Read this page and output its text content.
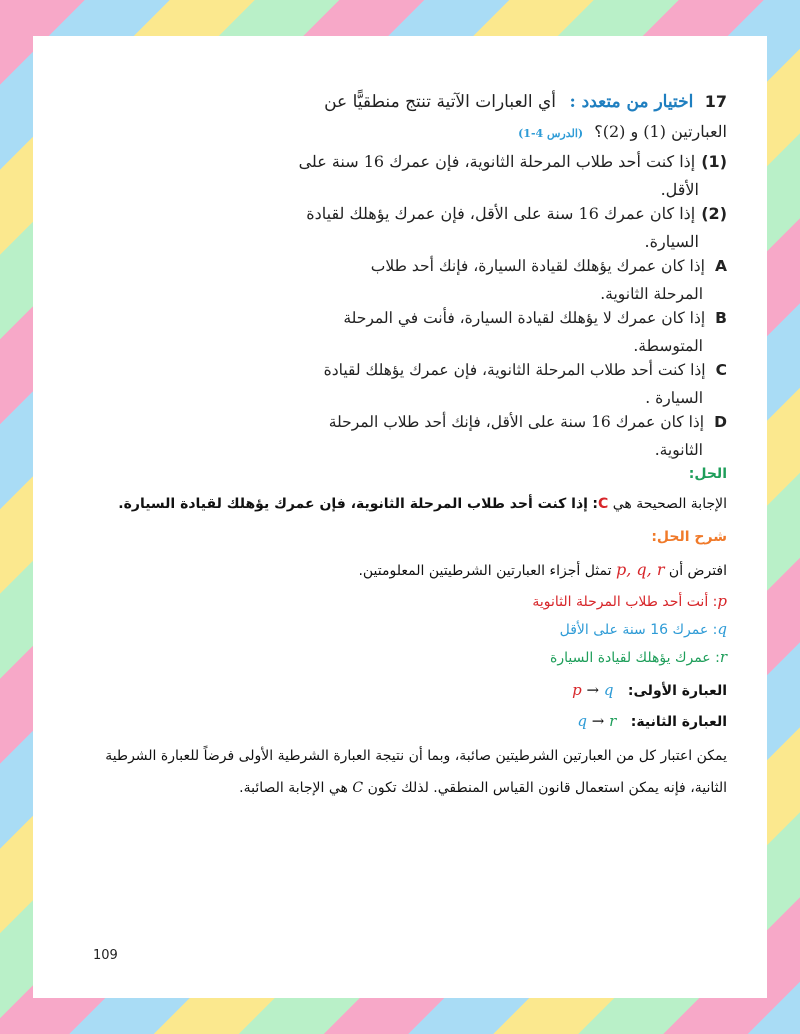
17 اختيار من متعدد : أي العبارات الآتية تنتج منطقيًّا عن
العبارتين (1) و (2)؟ (الدرس 4-1)
(1)إذا كنت أحد طلاب المرحلة الثانوية، فإن عمرك 16 سنة على
الأقل.
(2)إذا كان عمرك 16 سنة على الأقل، فإن عمرك يؤهلك لقيادة
السيارة.
Aإذا كان عمرك يؤهلك لقيادة السيارة، فإنك أحد طلاب
المرحلة الثانوية.
Bإذا كان عمرك لا يؤهلك لقيادة السيارة، فأنت في المرحلة
المتوسطة.
Cإذا كنت أحد طلاب المرحلة الثانوية، فإن عمرك يؤهلك لقيادة
السيارة .
Dإذا كان عمرك 16 سنة على الأقل، فإنك أحد طلاب المرحلة
الثانوية.
الحل:
الإجابة الصحيحة هي C: إذا كنت أحد طلاب المرحلة الثانوية، فإن عمرك يؤهلك لقيادة السيارة.
شرح الحل:
افترض أن p, q, r تمثل أجزاء العبارتين الشرطيتين المعلومتين.
p: أنت أحد طلاب المرحلة الثانوية
q: عمرك 16 سنة على الأقل
r: عمرك يؤهلك لقيادة السيارة
العبارة الأولى: p → q
العبارة الثانية: q → r
يمكن اعتبار كل من العبارتين الشرطيتين صائبة، وبما أن نتيجة العبارة الشرطية الأولى فرضاً للعبارة الشرطية
الثانية، فإنه يمكن استعمال قانون القياس المنطقي. لذلك تكون C هي الإجابة الصائبة.
109
